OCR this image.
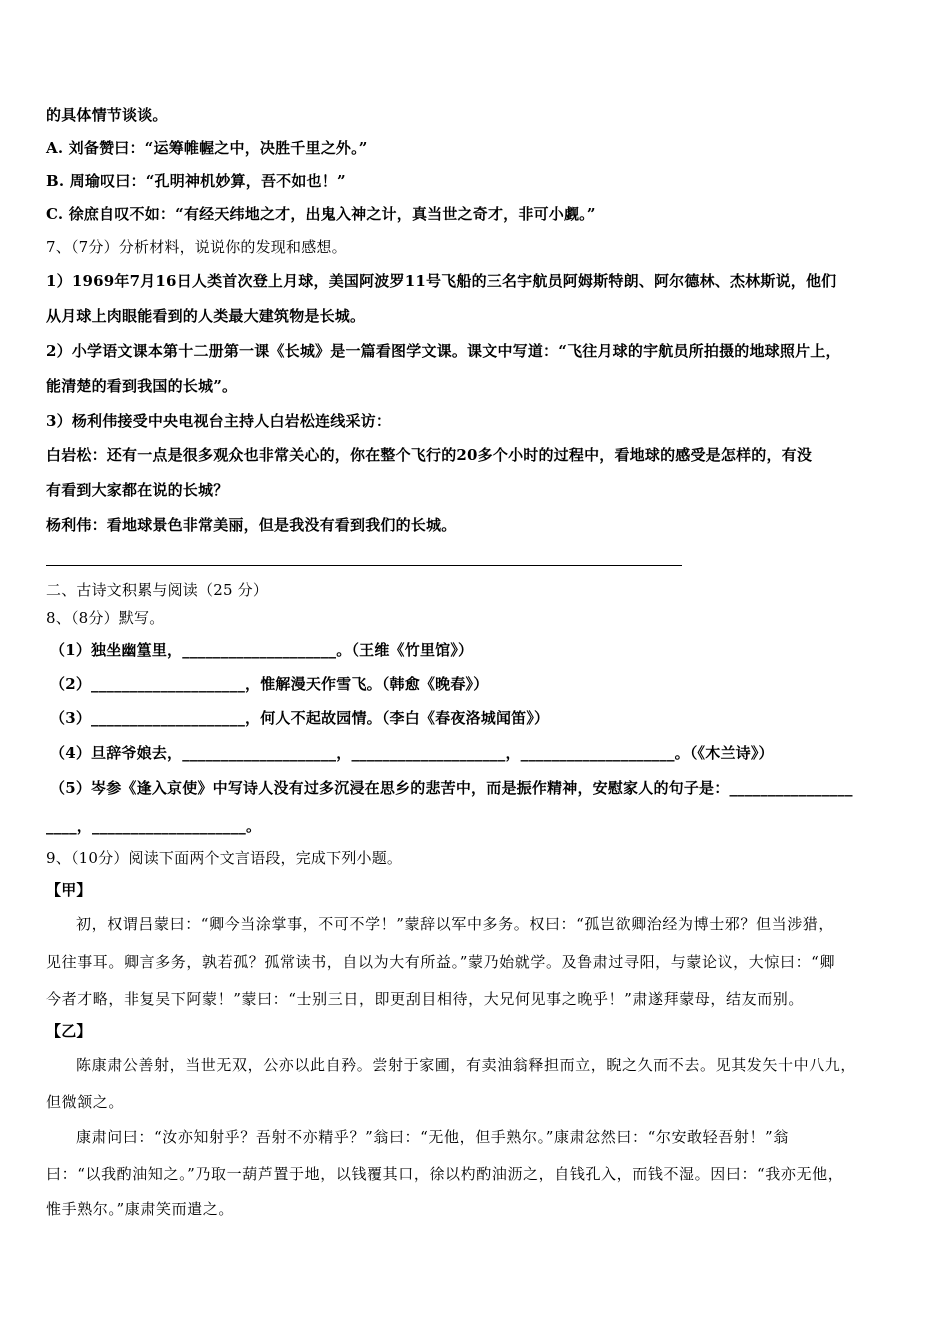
的具体情节谈谈。
A. 刘备赞曰：“运筹帷幄之中，决胜千里之外。”
B. 周瑜叹曰：“孔明神机妙算，吾不如也！”
C. 徐庶自叹不如：“有经天纬地之才，出鬼入神之计，真当世之奇才，非可小觑。”
7、（7分）分析材料，说说你的发现和感想。
1）1969年7月16日人类首次登上月球，美国阿波罗11号飞船的三名宇航员阿姆斯特朗、阿尔德林、杰林斯说，他们
从月球上肉眼能看到的人类最大建筑物是长城。
2）小学语文课本第十二册第一课《长城》是一篇看图学文课。课文中写道：“飞往月球的宇航员所拍摄的地球照片上，
能清楚的看到我国的长城”。
3）杨利伟接受中央电视台主持人白岩松连线采访：
白岩松：还有一点是很多观众也非常关心的，你在整个飞行的20多个小时的过程中，看地球的感受是怎样的，有没
有看到大家都在说的长城？
杨利伟：看地球景色非常美丽，但是我没有看到我们的长城。
二、古诗文积累与阅读（25 分）
8、（8分）默写。
（1）独坐幽篁里，____________________。（王维《竹里馆》）
（2）____________________，惟解漫天作雪飞。（韩愈《晚春》）
（3）____________________，何人不起故园情。（李白《春夜洛城闻笛》）
（4）旦辞爷娘去，____________________，____________________，____________________。（《木兰诗》）
（5）岑参《逢入京使》中写诗人没有过多沉浸在思乡的悲苦中，而是振作精神，安慰家人的句子是：________________
____，____________________。
9、（10分）阅读下面两个文言语段，完成下列小题。
【甲】
初，权谓吕蒙曰：“卿今当涂掌事，不可不学！”蒙辞以军中多务。权曰：“孤岂欲卿治经为博士邪？但当涉猎，
见往事耳。卿言多务，孰若孤？孤常读书，自以为大有所益。”蒙乃始就学。及鲁肃过寻阳，与蒙论议，大惊曰：“卿
今者才略，非复吴下阿蒙！”蒙曰：“士别三日，即更刮目相待，大兄何见事之晚乎！”肃遂拜蒙母，结友而别。
【乙】
陈康肃公善射，当世无双，公亦以此自矜。尝射于家圃，有卖油翁释担而立，睨之久而不去。见其发矢十中八九，
但微颔之。
康肃问曰：“汝亦知射乎？吾射不亦精乎？”翁曰：“无他，但手熟尔。”康肃忿然曰：“尔安敢轻吾射！”翁
曰：“以我酌油知之。”乃取一葫芦置于地，以钱覆其口，徐以杓酌油沥之，自钱孔入，而钱不湿。因曰：“我亦无他，
惟手熟尔。”康肃笑而遣之。
